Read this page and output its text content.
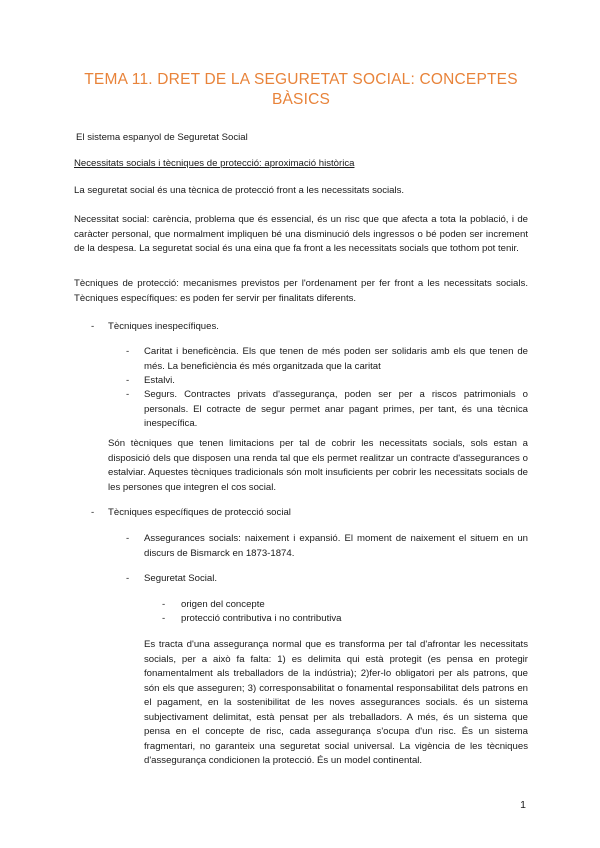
TEMA 11. DRET DE LA SEGURETAT SOCIAL: CONCEPTES BÀSICS
El sistema espanyol de Seguretat Social
Necessitats socials i tècniques de protecció: aproximació històrica
La seguretat social és una tècnica de protecció front a les necessitats socials.
Necessitat social: carència, problema que és essencial, és un risc que que afecta a tota la població, i de caràcter personal, que normalment impliquen bé una disminució dels ingressos o bé poden ser increment de la despesa. La seguretat social és una eina que fa front a les necessitats socials que tothom pot tenir.
Tècniques de protecció: mecanismes previstos per l'ordenament per fer front a les necessitats socials. Tècniques específiques: es poden fer servir per finalitats diferents.
- Tècniques inespecífiques.
- Caritat i beneficència. Els que tenen de més poden ser solidaris amb els que tenen de més. La beneficiència és més organitzada que la caritat
- Estalvi.
- Segurs. Contractes privats d'assegurança, poden ser per a riscos patrimonials o personals. El cotracte de segur permet anar pagant primes, per tant, és una tècnica inespecífica.
Són tècniques que tenen limitacions per tal de cobrir les necessitats socials, sols estan a disposició dels que disposen una renda tal que els permet realitzar un contracte d'assegurances o estalviar. Aquestes tècniques tradicionals són molt insuficients per cobrir les necessitats socials de les persones que integren el cos social.
- Tècniques específiques de protecció social
- Assegurances socials: naixement i expansió. El moment de naixement el situem en un discurs de Bismarck en 1873-1874.
- Seguretat Social.
- origen del concepte
- protecció contributiva i no contributiva
Es tracta d'una assegurança normal que es transforma per tal d'afrontar les necessitats socials, per a això fa falta: 1) es delimita qui està protegit (es pensa en protegir fonamentalment als treballadors de la indústria); 2)fer-lo obligatori per als patrons, que són els que asseguren; 3) corresponsabilitat o fonamental responsabilitat dels patrons en el pagament, en la sostenibilitat de les noves assegurances socials. és un sistema subjectivament delimitat, està pensat per als treballadors. A més, és un sistema que pensa en el concepte de risc, cada assegurança s'ocupa d'un risc. És un sistema fragmentari, no garanteix una seguretat social universal. La vigència de les tècniques d'assegurança condicionen la protecció. És un model continental.
1
